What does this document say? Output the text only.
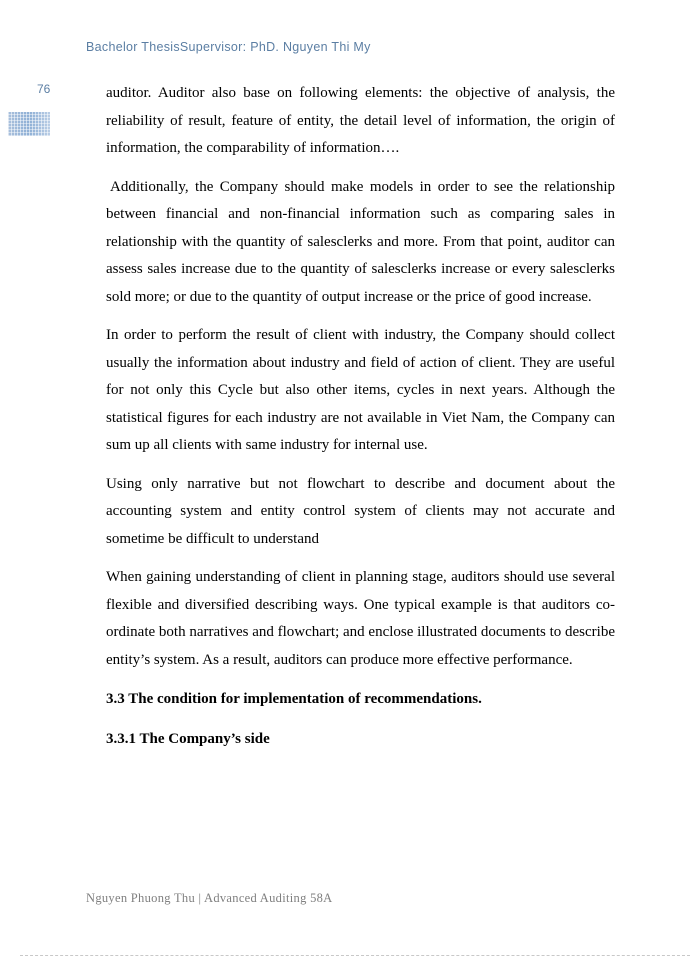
Bachelor ThesisSupervisor: PhD. Nguyen Thi My
76	auditor. Auditor also base on following elements: the objective of analysis, the reliability of result, feature of entity, the detail level of information, the origin of information, the comparability of information….

Additionally, the Company should make models in order to see the relationship between financial and non-financial information such as comparing sales in relationship with the quantity of salesclerks and more. From that point, auditor can assess sales increase due to the quantity of salesclerks increase or every salesclerks sold more; or due to the quantity of output increase or the price of good increase.

In order to perform the result of client with industry, the Company should collect usually the information about industry and field of action of client. They are useful for not only this Cycle but also other items, cycles in next years. Although the statistical figures for each industry are not available in Viet Nam, the Company can sum up all clients with same industry for internal use.

Using only narrative but not flowchart to describe and document about the accounting system and entity control system of clients may not accurate and sometime be difficult to understand

When gaining understanding of client in planning stage, auditors should use several flexible and diversified describing ways. One typical example is that auditors co-ordinate both narratives and flowchart; and enclose illustrated documents to describe entity’s system. As a result, auditors can produce more effective performance.

3.3 The condition for implementation of recommendations.

3.3.1 The Company’s side

Nguyen Phuong Thu | Advanced Auditing 58A
